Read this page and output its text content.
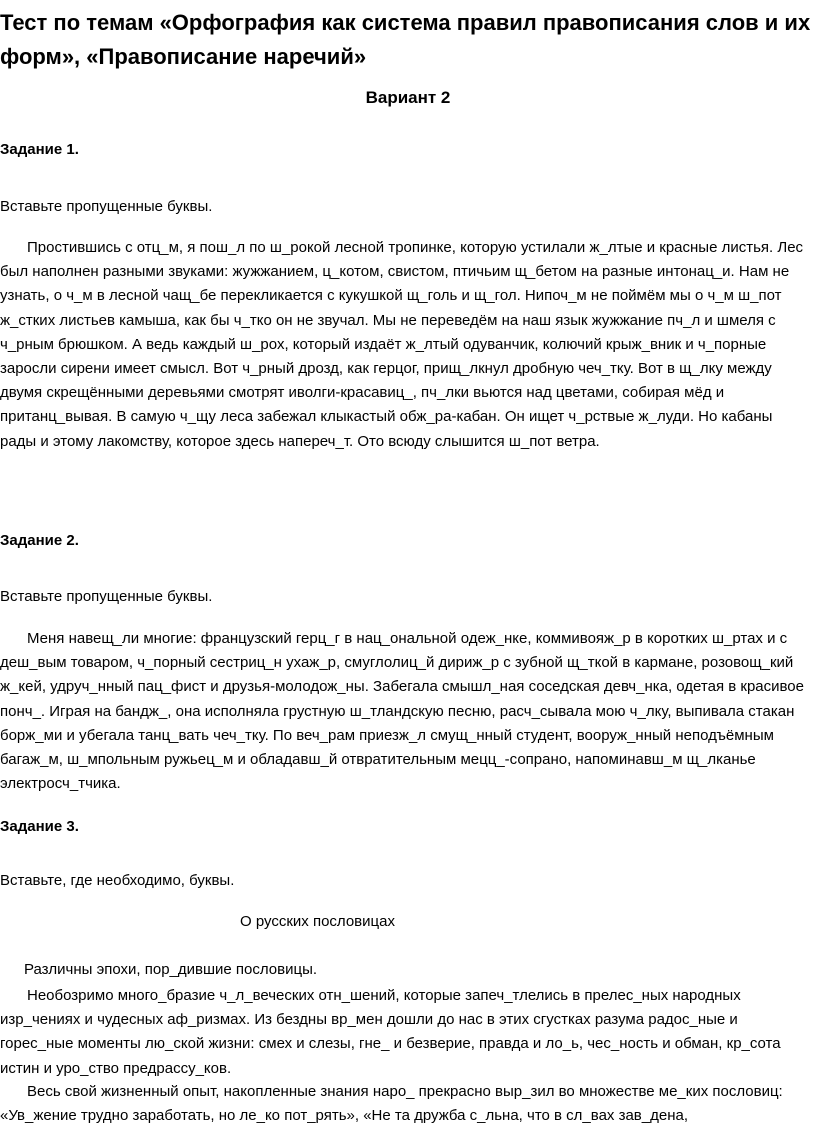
Тест по темам «Орфография как система правил правописания слов и их форм», «Правописание наречий»
Вариант 2
Задание 1.
Вставьте пропущенные буквы.

Простившись с отц_м, я пош_л по ш_рокой лесной тропинке, которую устилали ж_лтые и красные листья. Лес был наполнен разными звуками: жужжанием, ц_котом, свистом, птичьим щ_бетом на разные интонац_и. Нам не узнать, о ч_м в лесной чащ_бе перекликается с кукушкой щ_голь и щ_гол. Нипоч_м не поймём мы о ч_м ш_пот ж_стких листьев камыша, как бы ч_тко он не звучал. Мы не переведём на наш язык жужжание пч_л и шмеля с ч_рным брюшком. А ведь каждый ш_рох, который издаёт ж_лтый одуванчик, колючий крыж_вник и ч_порные заросли сирени имеет смысл. Вот ч_рный дрозд, как герцог, прищ_лкнул дробную чеч_тку. Вот в щ_лку между двумя скрещёнными деревьями смотрят иволги-красавиц_, пч_лки вьются над цветами, собирая мёд и пританц_вывая. В самую ч_щу леса забежал клыкастый обж_ра-кабан. Он ищет ч_рствые ж_луди. Но кабаны рады и этому лакомству, которое здесь напереч_т. Ото всюду слышится ш_пот ветра.

Задание 2.
Вставьте пропущенные буквы.

Меня навещ_ли многие: французский герц_г в нац_ональной одеж_нке, коммивояж_р в коротких ш_ртах и с деш_вым товаром, ч_порный сестриц_н ухаж_р, смуглолиц_й дириж_р с зубной щ_ткой в кармане, розовощ_кий ж_кей, удруч_нный пац_фист и друзья-молодож_ны. Забегала смышл_ная соседская девч_нка, одетая в красивое понч_. Играя на бандж_, она исполняла грустную ш_тландскую песню, расч_сывала мою ч_лку, выпивала стакан борж_ми и убегала танц_вать чеч_тку. По веч_рам приезж_л смущ_нный студент, вооруж_нный неподъёмным багаж_м, ш_мпольным ружьец_м и обладавш_й отвратительным мецц_-сопрано, напоминавш_м щ_лканье электросч_тчика.

Задание 3.
Вставьте, где необходимо, буквы.
О русских пословицах
Различны эпохи, пор_дившие пословицы.

Необозримо много_бразие ч_л_веческих отн_шений, которые запеч_тлелись в прелес_ных народных изр_чениях и чудесных аф_ризмах. Из бездны вр_мен дошли до нас в этих сгустках разума радос_ные и горес_ные моменты лю_ской жизни: смех и слезы, гне_ и безверие, правда и ло_ь, чес_ность и обман, кр_сота истин и уро_ство предрассу_ков.

Весь свой жизненный опыт, накопленные знания наро_ прекрасно выр_зил во множестве ме_ких пословиц: «Ув_жение трудно заработать, но ле_ко пот_рять», «Не та дружба с_льна, что в сл_вах зав_дена,
